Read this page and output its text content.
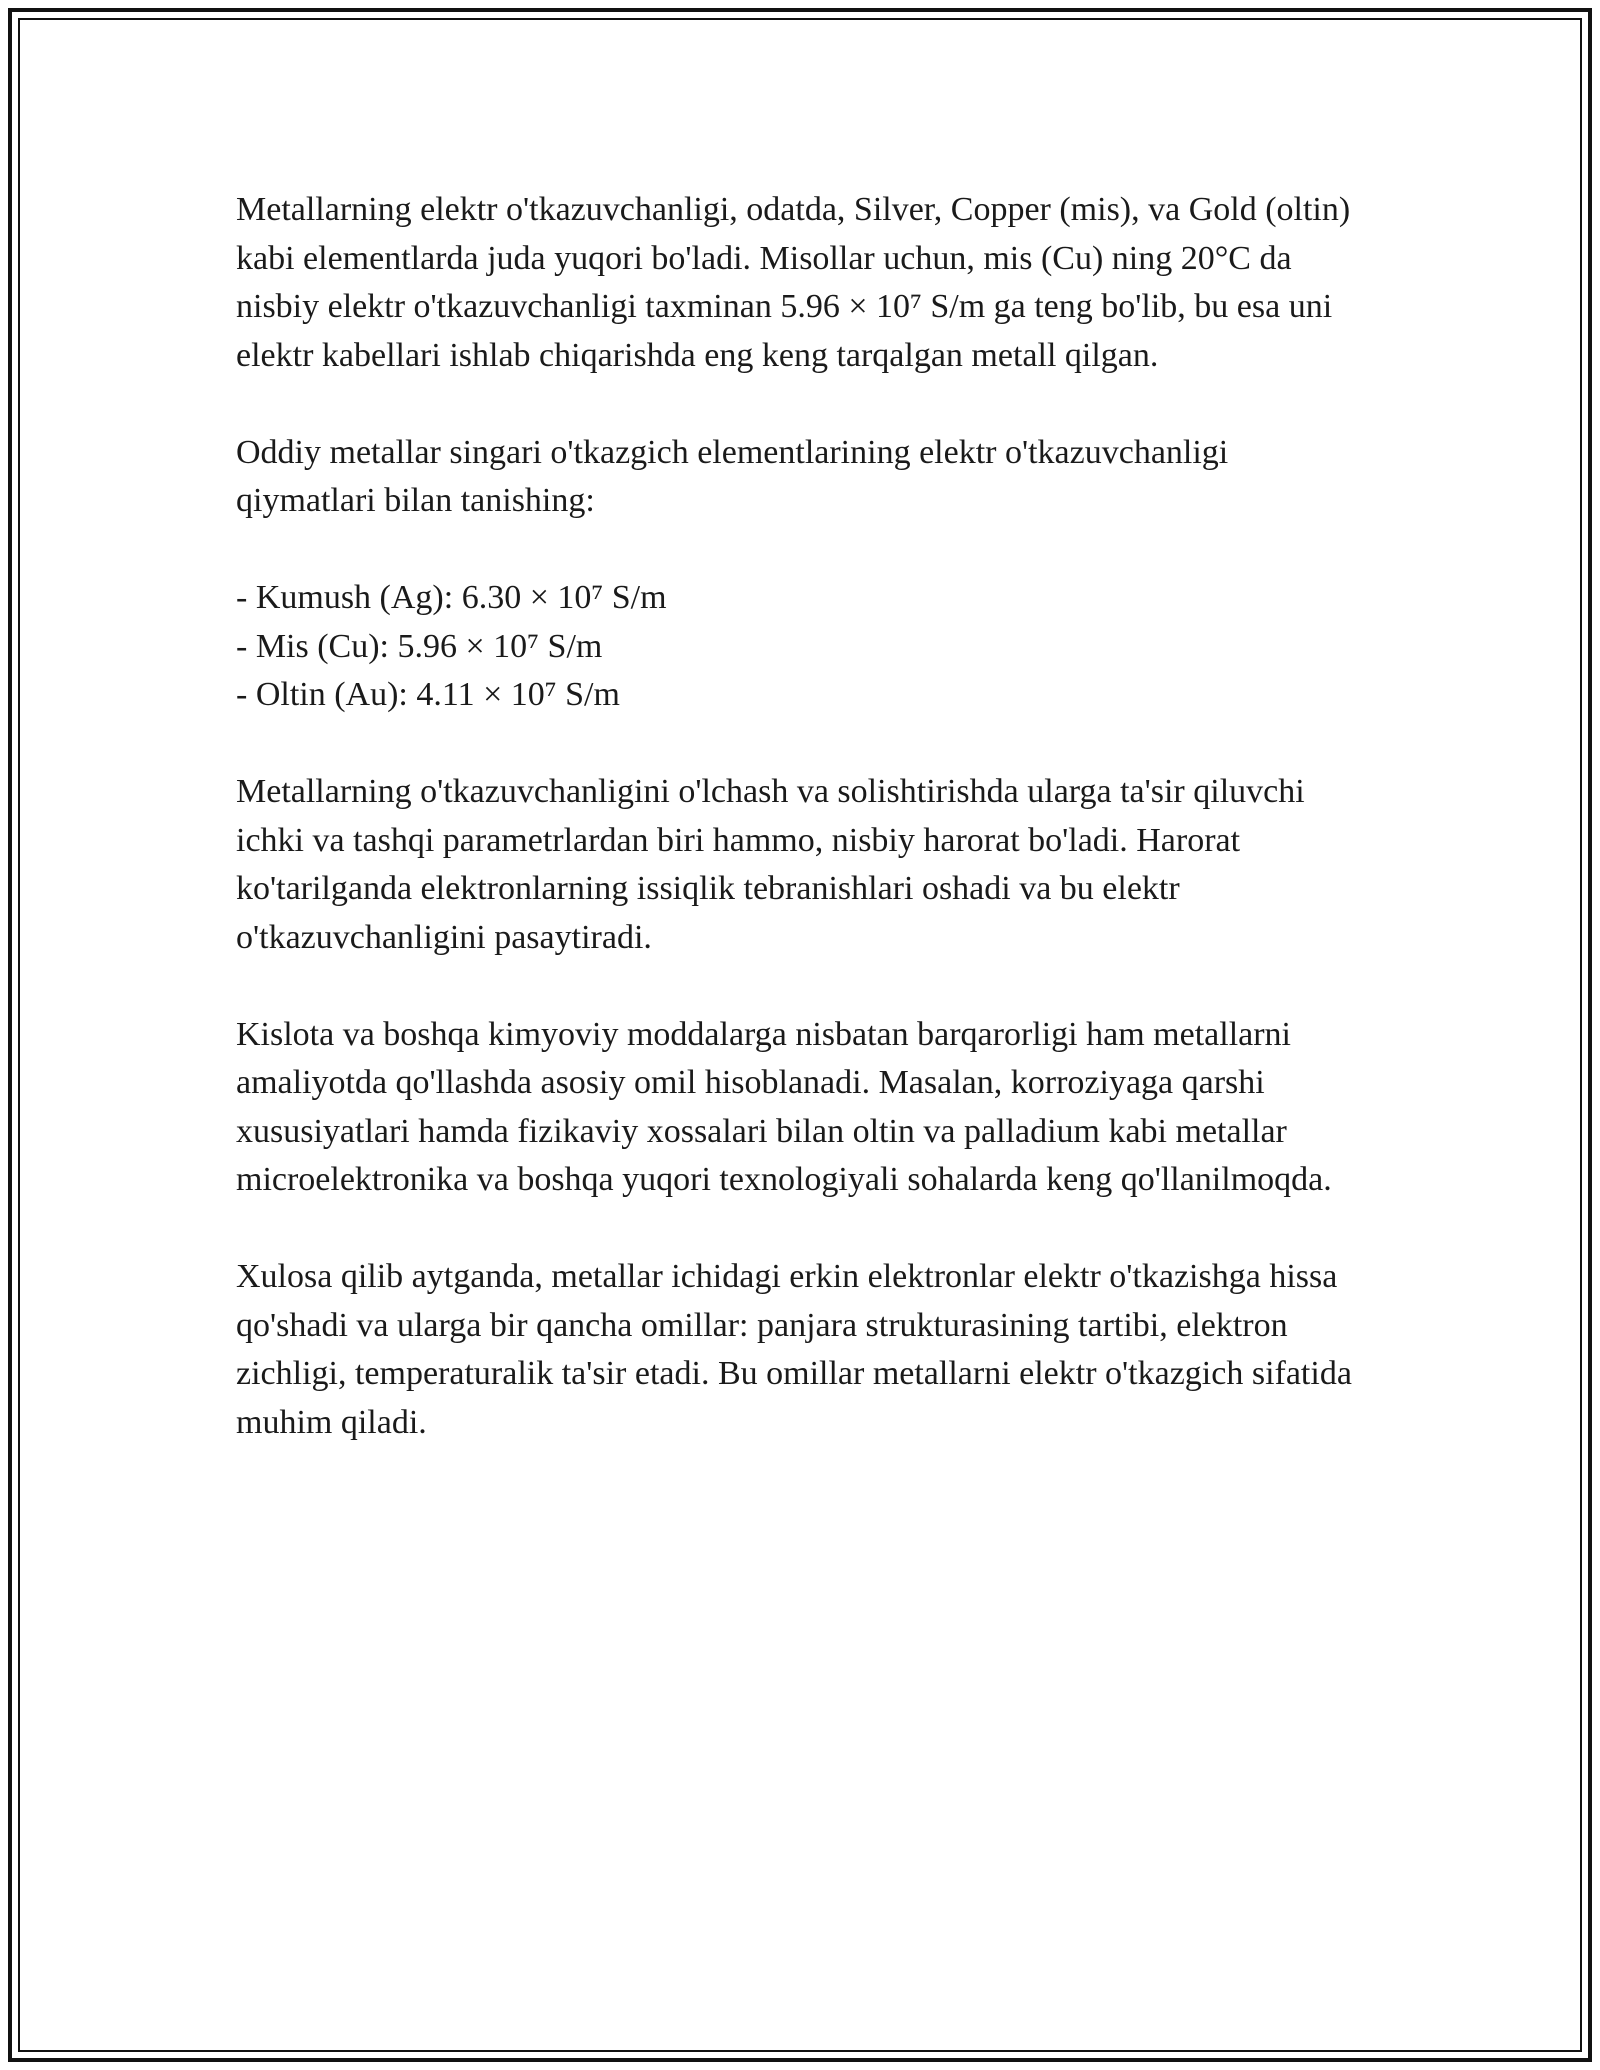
Metallarning elektr o'tkazuvchanligi, odatda, Silver, Copper (mis), va Gold (oltin) kabi elementlarda juda yuqori bo'ladi. Misollar uchun, mis (Cu) ning 20°C da nisbiy elektr o'tkazuvchanligi taxminan 5.96 × 10⁷ S/m ga teng bo'lib, bu esa uni elektr kabellari ishlab chiqarishda eng keng tarqalgan metall qilgan.

Oddiy metallar singari o'tkazgich elementlarining elektr o'tkazuvchanligi qiymatlari bilan tanishing:

- Kumush (Ag): 6.30 × 10⁷ S/m
- Mis (Cu): 5.96 × 10⁷ S/m
- Oltin (Au): 4.11 × 10⁷ S/m

Metallarning o'tkazuvchanligini o'lchash va solishtirishda ularga ta'sir qiluvchi ichki va tashqi parametrlardan biri hammo, nisbiy harorat bo'ladi. Harorat ko'tarilganda elektronlarning issiqlik tebranishlari oshadi va bu elektr o'tkazuvchanligini pasaytiradi.

Kislota va boshqa kimyoviy moddalarga nisbatan barqarorligi ham metallarni amaliyotda qo'llashda asosiy omil hisoblanadi. Masalan, korroziyaga qarshi xususiyatlari hamda fizikaviy xossalari bilan oltin va palladium kabi metallar microelektronika va boshqa yuqori texnologiyali sohalarda keng qo'llanilmoqda.

Xulosa qilib aytganda, metallar ichidagi erkin elektronlar elektr o'tkazishga hissa qo'shadi va ularga bir qancha omillar: panjara strukturasining tartibi, elektron zichligi, temperaturalik ta'sir etadi. Bu omillar metallarni elektr o'tkazgich sifatida muhim qiladi.
